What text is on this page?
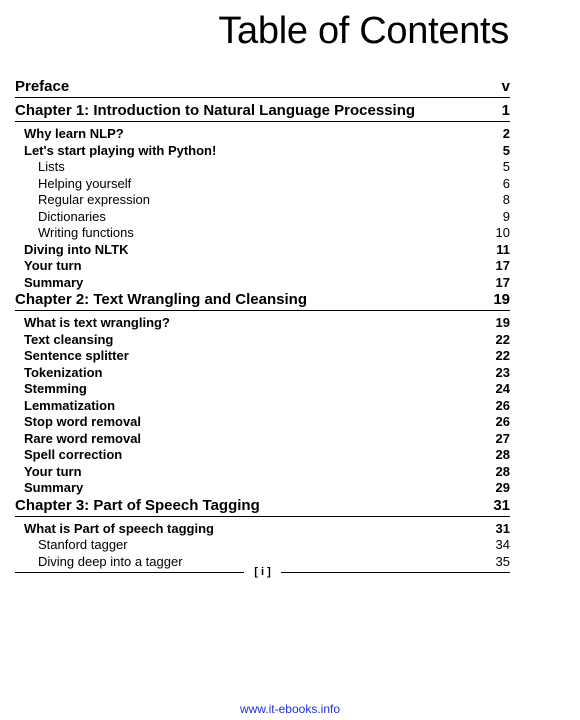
Table of Contents
Preface	v
Chapter 1: Introduction to Natural Language Processing	1
Why learn NLP?	2
Let's start playing with Python!	5
Lists	5
Helping yourself	6
Regular expression	8
Dictionaries	9
Writing functions	10
Diving into NLTK	11
Your turn	17
Summary	17
Chapter 2: Text Wrangling and Cleansing	19
What is text wrangling?	19
Text cleansing	22
Sentence splitter	22
Tokenization	23
Stemming	24
Lemmatization	26
Stop word removal	26
Rare word removal	27
Spell correction	28
Your turn	28
Summary	29
Chapter 3: Part of Speech Tagging	31
What is Part of speech tagging	31
Stanford tagger	34
Diving deep into a tagger	35
[ i ]
www.it-ebooks.info
